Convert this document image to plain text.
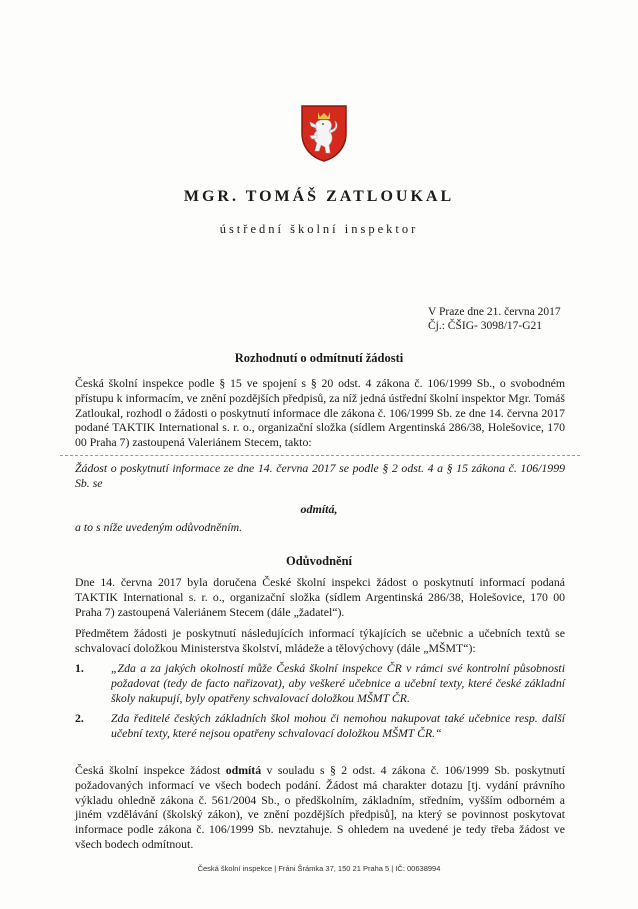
MGR. TOMÁŠ ZATLOUKAL
ústřední školní inspektor
V Praze dne 21. června 2017
Čj.: ČŠIG- 3098/17-G21
Rozhodnutí o odmítnutí žádosti
Česká školní inspekce podle § 15 ve spojení s § 20 odst. 4 zákona č. 106/1999 Sb., o svobodném přístupu k informacím, ve znění pozdějších předpisů, za níž jedná ústřední školní inspektor Mgr. Tomáš Zatloukal, rozhodl o žádosti o poskytnutí informace dle zákona č. 106/1999 Sb. ze dne 14. června 2017 podané TAKTIK International s. r. o., organizační složka (sídlem Argentinská 286/38, Holešovice, 170 00 Praha 7) zastoupená Valeriánem Stecem, takto:
Žádost o poskytnutí informace ze dne 14. června 2017 se podle § 2 odst. 4 a § 15 zákona č. 106/1999 Sb. se
odmítá,
a to s níže uvedeným odůvodněním.
Odůvodnění
Dne 14. června 2017 byla doručena České školní inspekci žádost o poskytnutí informací podaná TAKTIK International s. r. o., organizační složka (sídlem Argentinská 286/38, Holešovice, 170 00 Praha 7) zastoupená Valeriánem Stecem (dále „žadatel“).
Předmětem žádosti je poskytnutí následujících informací týkajících se učebnic a učebních textů se schvalovací doložkou Ministerstva školství, mládeže a tělovýchovy (dále „MŠMT“):
1. „Zda a za jakých okolností může Česká školní inspekce ČR v rámci své kontrolní působnosti požadovat (tedy de facto nařizovat), aby veškeré učebnice a učební texty, které české základní školy nakupují, byly opatřeny schvalovací doložkou MŠMT ČR.
2. Zda ředitelé českých základních škol mohou či nemohou nakupovat také učebnice resp. další učební texty, které nejsou opatřeny schvalovací doložkou MŠMT ČR.“
Česká školní inspekce žádost odmítá v souladu s § 2 odst. 4 zákona č. 106/1999 Sb. poskytnutí požadovaných informací ve všech bodech podání. Žádost má charakter dotazu [tj. vydání právního výkladu ohledně zákona č. 561/2004 Sb., o předškolním, základním, středním, vyšším odborném a jiném vzdělávání (školský zákon), ve znění pozdějších předpisů], na který se povinnost poskytovat informace podle zákona č. 106/1999 Sb. nevztahuje. S ohledem na uvedené je tedy třeba žádost ve všech bodech odmítnout.
Česká školní inspekce | Fráni Šrámka 37, 150 21 Praha 5 | IČ: 00638994
